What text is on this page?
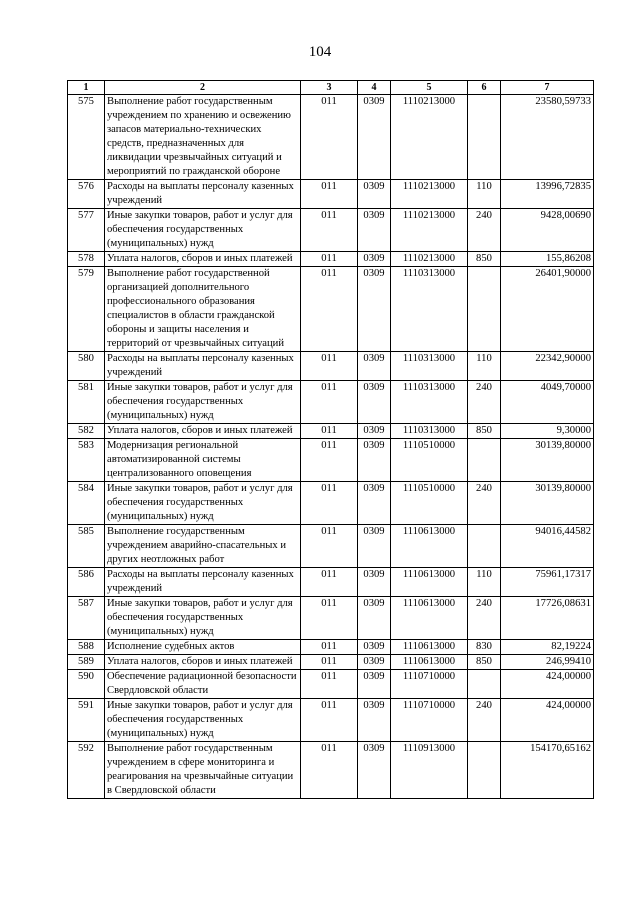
104
1	2	3	4	5	6	7
575	Выполнение работ государственным учреждением по хранению и освежению запасов материально-технических средств, предназначенных для ликвидации чрезвычайных ситуаций и мероприятий по гражданской обороне	011	0309	1110213000		23580,59733
576	Расходы на выплаты персоналу казенных учреждений	011	0309	1110213000	110	13996,72835
577	Иные закупки товаров, работ и услуг для обеспечения государственных (муниципальных) нужд	011	0309	1110213000	240	9428,00690
578	Уплата налогов, сборов и иных платежей	011	0309	1110213000	850	155,86208
579	Выполнение работ государственной организацией дополнительного профессионального образования специалистов в области гражданской обороны и защиты населения и территорий от чрезвычайных ситуаций	011	0309	1110313000		26401,90000
580	Расходы на выплаты персоналу казенных учреждений	011	0309	1110313000	110	22342,90000
581	Иные закупки товаров, работ и услуг для обеспечения государственных (муниципальных) нужд	011	0309	1110313000	240	4049,70000
582	Уплата налогов, сборов и иных платежей	011	0309	1110313000	850	9,30000
583	Модернизация региональной автоматизированной системы централизованного оповещения	011	0309	1110510000		30139,80000
584	Иные закупки товаров, работ и услуг для обеспечения государственных (муниципальных) нужд	011	0309	1110510000	240	30139,80000
585	Выполнение государственным учреждением аварийно-спасательных и других неотложных работ	011	0309	1110613000		94016,44582
586	Расходы на выплаты персоналу казенных учреждений	011	0309	1110613000	110	75961,17317
587	Иные закупки товаров, работ и услуг для обеспечения государственных (муниципальных) нужд	011	0309	1110613000	240	17726,08631
588	Исполнение судебных актов	011	0309	1110613000	830	82,19224
589	Уплата налогов, сборов и иных платежей	011	0309	1110613000	850	246,99410
590	Обеспечение радиационной безопасности Свердловской области	011	0309	1110710000		424,00000
591	Иные закупки товаров, работ и услуг для обеспечения государственных (муниципальных) нужд	011	0309	1110710000	240	424,00000
592	Выполнение работ государственным учреждением в сфере мониторинга и реагирования на чрезвычайные ситуации в Свердловской области	011	0309	1110913000		154170,65162
